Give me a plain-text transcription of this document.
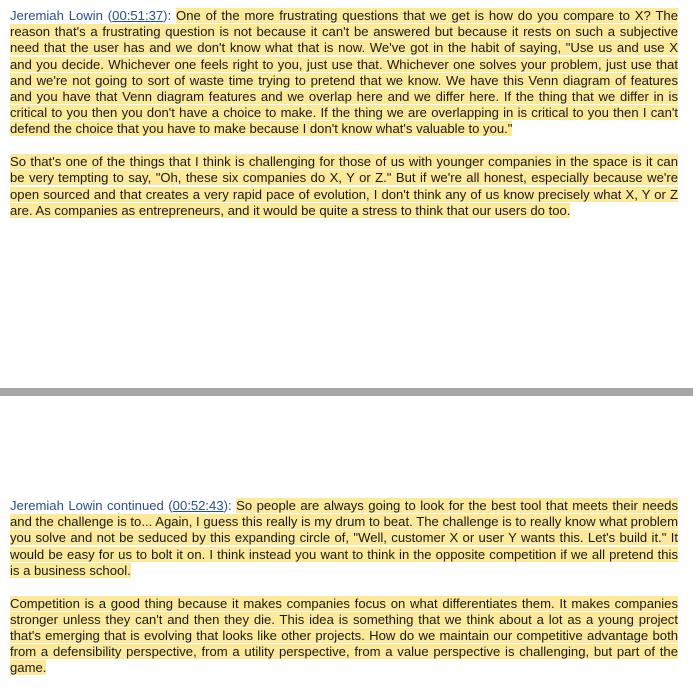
Jeremiah Lowin (00:51:37): One of the more frustrating questions that we get is how do you compare to X? The reason that's a frustrating question is not because it can't be answered but because it rests on such a subjective need that the user has and we don't know what that is now. We've got in the habit of saying, "Use us and use X and you decide. Whichever one feels right to you, just use that. Whichever one solves your problem, just use that and we're not going to sort of waste time trying to pretend that we know. We have this Venn diagram of features and you have that Venn diagram features and we overlap here and we differ here. If the thing that we differ in is critical to you then you don't have a choice to make. If the thing we are overlapping in is critical to you then I can't defend the choice that you have to make because I don't know what's valuable to you."

So that's one of the things that I think is challenging for those of us with younger companies in the space is it can be very tempting to say, "Oh, these six companies do X, Y or Z." But if we're all honest, especially because we're open sourced and that creates a very rapid pace of evolution, I don't think any of us know precisely what X, Y or Z are. As companies as entrepreneurs, and it would be quite a stress to think that our users do too.

Jeremiah Lowin continued (00:52:43): So people are always going to look for the best tool that meets their needs and the challenge is to... Again, I guess this really is my drum to beat. The challenge is to really know what problem you solve and not be seduced by this expanding circle of, "Well, customer X or user Y wants this. Let's build it." It would be easy for us to bolt it on. I think instead you want to think in the opposite competition if we all pretend this is a business school.

Competition is a good thing because it makes companies focus on what differentiates them. It makes companies stronger unless they can't and then they die. This idea is something that we think about a lot as a young project that's emerging that is evolving that looks like other projects. How do we maintain our competitive advantage both from a defensibility perspective, from a utility perspective, from a value perspective is challenging, but part of the game.
